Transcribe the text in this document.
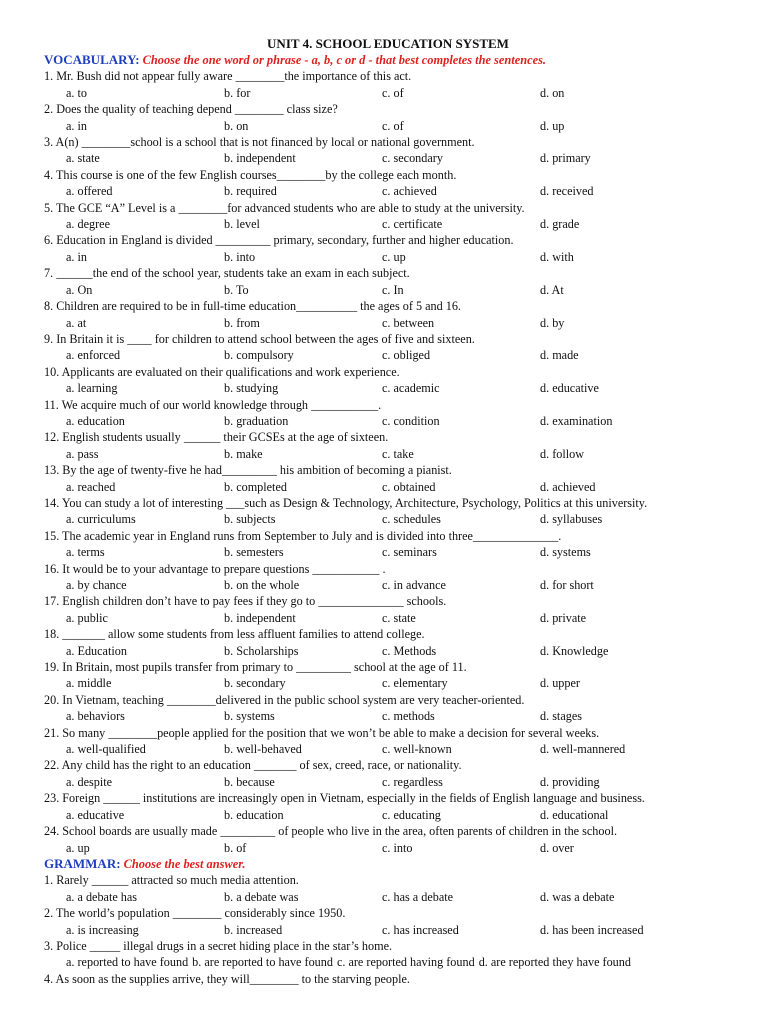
UNIT 4. SCHOOL EDUCATION SYSTEM
VOCABULARY: Choose the one word or phrase - a, b, c or d - that best completes the sentences.
1. Mr. Bush did not appear fully aware ________the importance of this act.
a. to	b. for	c. of	d. on
2. Does the quality of teaching depend ________ class size?
a. in	b. on	c. of	d. up
3. A(n) ________school is a school that is not financed by local or national government.
a. state	b. independent	c. secondary	d. primary
4. This course is one of the few English courses________by the college each month.
a. offered	b. required	c. achieved	d. received
5. The GCE “A” Level is a ________for advanced students who are able to study at the university.
a. degree	b. level	c. certificate	d. grade
6. Education in England is divided _________ primary, secondary, further and higher education.
a. in	b. into	c. up	d. with
7. ______the end of the school year, students take an exam in each subject.
a. On	b. To	c. In	d. At
8. Children are required to be in full-time education__________ the ages of 5 and 16.
a. at	b. from	c. between	d. by
9. In Britain it is ____ for children to attend school between the ages of five and sixteen.
a. enforced	b. compulsory	c. obliged	d. made
10. Applicants are evaluated on their qualifications and work experience.
a. learning	b. studying	c. academic	d. educative
11. We acquire much of our world knowledge through ___________.
a. education	b. graduation	c. condition	d. examination
12. English students usually ______ their GCSEs at the age of sixteen.
a. pass	b. make	c. take	d. follow
13. By the age of twenty-five he had_________ his ambition of becoming a pianist.
a. reached	b. completed	c. obtained	d. achieved
14. You can study a lot of interesting ___such as Design & Technology, Architecture, Psychology, Politics at this university.
a. curriculums	b. subjects	c. schedules	d. syllabuses
15. The academic year in England runs from September to July and is divided into three______________.
a. terms	b. semesters	c. seminars	d. systems
16. It would be to your advantage to prepare questions ___________ .
a. by chance	b. on the whole	c. in advance	d. for short
17. English children don’t have to pay fees if they go to ______________ schools.
a. public	b. independent	c. state	d. private
18. _______ allow some students from less affluent families to attend college.
a. Education	b. Scholarships	c. Methods	d. Knowledge
19. In Britain, most pupils transfer from primary to _________ school at the age of 11.
a. middle	b. secondary	c. elementary	d. upper
20. In Vietnam, teaching ________delivered in the public school system are very teacher-oriented.
a. behaviors	b. systems	c. methods	d. stages
21. So many ________people applied for the position that we won’t be able to make a decision for several weeks.
a. well-qualified	b. well-behaved	c. well-known	d. well-mannered
22. Any child has the right to an education _______ of sex, creed, race, or nationality.
a. despite	b. because	c. regardless	d. providing
23. Foreign ______ institutions are increasingly open in Vietnam, especially in the fields of English language and business.
a. educative	b. education	c. educating	d. educational
24. School boards are usually made _________ of people who live in the area, often parents of children in the school.
a. up	b. of	c. into	d. over
GRAMMAR: Choose the best answer.
1. Rarely ______ attracted so much media attention.
a. a debate has	b. a debate was	c. has a debate	d. was a debate
2. The world’s population ________ considerably since 1950.
a. is increasing	b. increased	c. has increased	d. has been increased
3. Police _____ illegal drugs in a secret hiding place in the star’s home.
a. reported to have found b. are reported to have found c. are reported having found d. are reported they have found
4. As soon as the supplies arrive, they will________ to the starving people.
